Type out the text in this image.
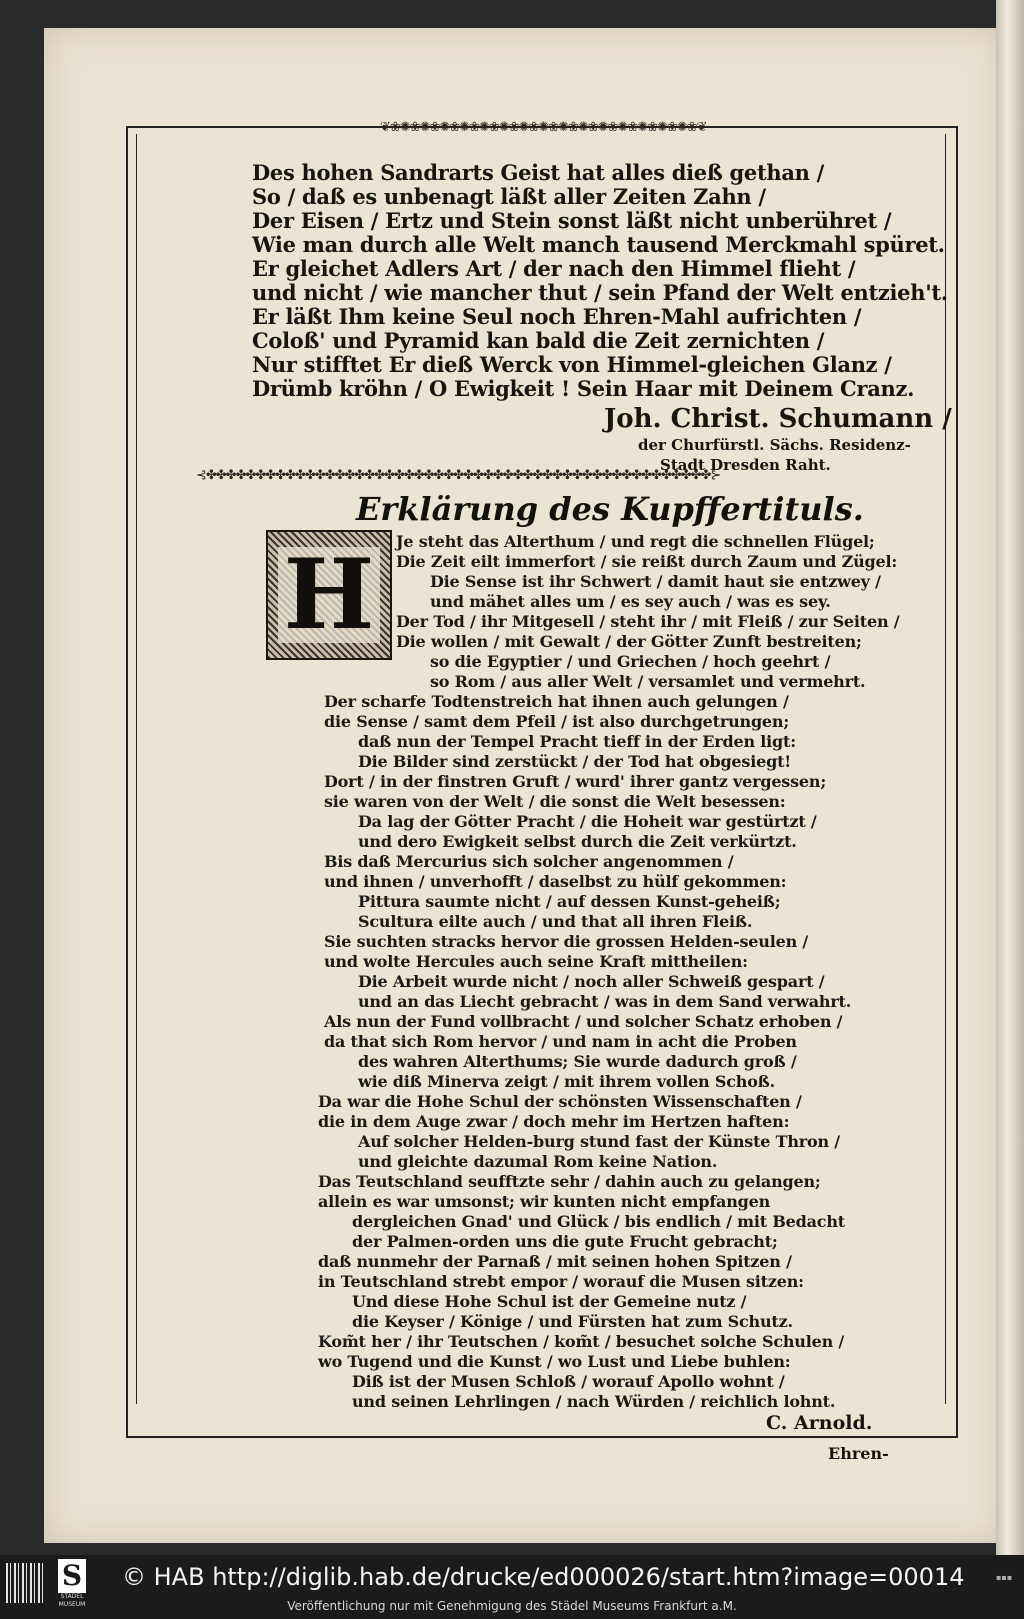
❦❀✺❀✺❀✺❀✺❀✺❀✺❀✺❀✺❀✺❀✺❀✺❀✺❀✺❀✺❀✺❀❦
Des hohen Sandrarts Geist hat alles dieß gethan /
So / daß es unbenagt läßt aller Zeiten Zahn /
Der Eisen / Ertz und Stein sonst läßt nicht unberühret /
Wie man durch alle Welt manch tausend Merckmahl spüret.
Er gleichet Adlers Art / der nach den Himmel flieht /
und nicht / wie mancher thut / sein Pfand der Welt entzieh't.
Er läßt Ihm keine Seul noch Ehren-Mahl aufrichten /
Coloß' und Pyramid kan bald die Zeit zernichten /
Nur stifftet Er dieß Werck von Himmel-gleichen Glanz /
Drümb kröhn / O Ewigkeit ! Sein Haar mit Deinem Cranz.
Joh. Christ. Schumann /
der Churfürstl. Sächs. Residenz-
Stadt Dresden Raht.
⊰✤✤✤✤✤✤✤✤✤✤✤✤✤✤✤✤✤✤✤✤✤✤✤✤✤✤✤✤✤✤✤✤✤✤✤✤✤✤✤✤✤✤✤✤✤✤✤✤✤✤✤⊱
Erklärung des Kupffertituls.
H	Je steht das Alterthum / und regt die schnellen Flügel;
Die Zeit eilt immerfort / sie reißt durch Zaum und Zügel:
Die Sense ist ihr Schwert / damit haut sie entzwey /
und mähet alles um / es sey auch / was es sey.
Der Tod / ihr Mitgesell / steht ihr / mit Fleiß / zur Seiten /
Die wollen / mit Gewalt / der Götter Zunft bestreiten;
so die Egyptier / und Griechen / hoch geehrt /
so Rom / aus aller Welt / versamlet und vermehrt.
Der scharfe Todtenstreich hat ihnen auch gelungen /
die Sense / samt dem Pfeil / ist also durchgetrungen;
daß nun der Tempel Pracht tieff in der Erden ligt:
Die Bilder sind zerstückt / der Tod hat obgesiegt!
Dort / in der finstren Gruft / wurd' ihrer gantz vergessen;
sie waren von der Welt / die sonst die Welt besessen:
Da lag der Götter Pracht / die Hoheit war gestürtzt /
und dero Ewigkeit selbst durch die Zeit verkürtzt.
Bis daß Mercurius sich solcher angenommen /
und ihnen / unverhofft / daselbst zu hülf gekommen:
Pittura saumte nicht / auf dessen Kunst-geheiß;
Scultura eilte auch / und that all ihren Fleiß.
Sie suchten stracks hervor die grossen Helden-seulen /
und wolte Hercules auch seine Kraft mittheilen:
Die Arbeit wurde nicht / noch aller Schweiß gespart /
und an das Liecht gebracht / was in dem Sand verwahrt.
Als nun der Fund vollbracht / und solcher Schatz erhoben /
da that sich Rom hervor / und nam in acht die Proben
des wahren Alterthums; Sie wurde dadurch groß /
wie diß Minerva zeigt / mit ihrem vollen Schoß.
Da war die Hohe Schul der schönsten Wissenschaften /
die in dem Auge zwar / doch mehr im Hertzen haften:
Auf solcher Helden-burg stund fast der Künste Thron /
und gleichte dazumal Rom keine Nation.
Das Teutschland seufftzte sehr / dahin auch zu gelangen;
allein es war umsonst; wir kunten nicht empfangen
dergleichen Gnad' und Glück / bis endlich / mit Bedacht
der Palmen-orden uns die gute Frucht gebracht;
daß nunmehr der Parnaß / mit seinen hohen Spitzen /
in Teutschland strebt empor / worauf die Musen sitzen:
Und diese Hohe Schul ist der Gemeine nutz /
die Keyser / Könige / und Fürsten hat zum Schutz.
Kom̃t her / ihr Teutschen / kom̃t / besuchet solche Schulen /
wo Tugend und die Kunst / wo Lust und Liebe buhlen:
Diß ist der Musen Schloß / worauf Apollo wohnt /
und seinen Lehrlingen / nach Würden / reichlich lohnt.
C. Arnold.
Ehren-
S
STÄDEL MUSEUM
© HAB http://diglib.hab.de/drucke/ed000026/start.htm?image=00014	▪▪▪
Veröffentlichung nur mit Genehmigung des Städel Museums Frankfurt a.M.
